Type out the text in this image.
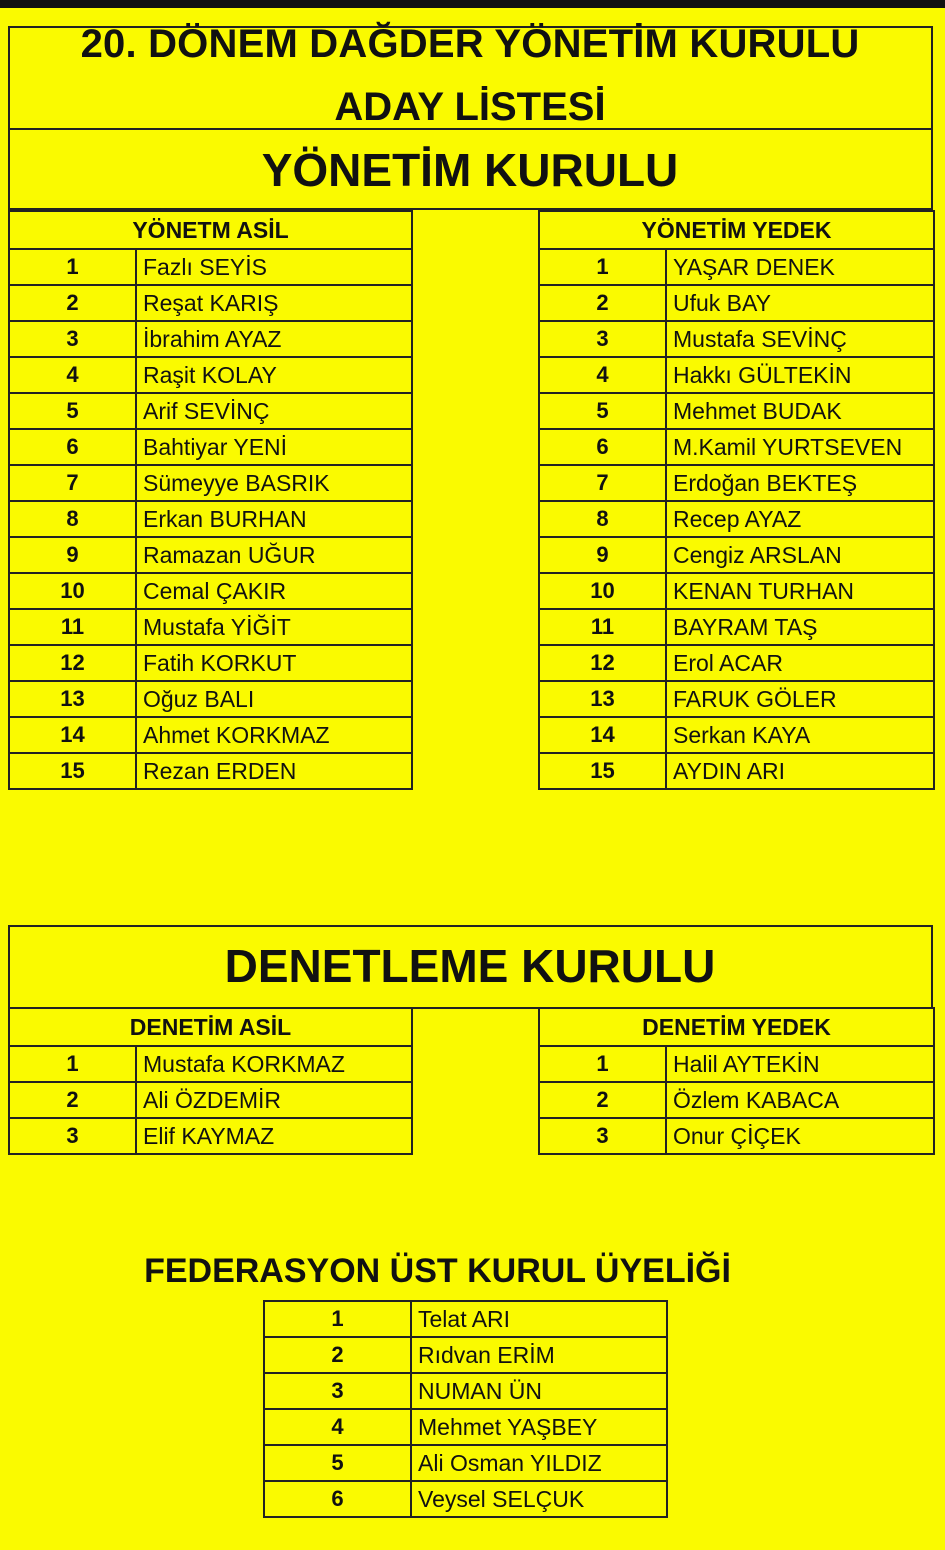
20. DÖNEM DAĞDER YÖNETİM KURULU
ADAY LİSTESİ
YÖNETİM KURULU
YÖNETM ASİL	
1	Fazlı SEYİS
2	Reşat KARIŞ
3	İbrahim AYAZ
4	Raşit KOLAY
5	Arif SEVİNÇ
6	Bahtiyar YENİ
7	Sümeyye BASRIK
8	Erkan BURHAN
9	Ramazan UĞUR
10	Cemal ÇAKIR
11	Mustafa YİĞİT
12	Fatih KORKUT
13	Oğuz BALI
14	Ahmet KORKMAZ
15	Rezan ERDEN
YÖNETİM YEDEK	
1	YAŞAR DENEK
2	Ufuk BAY
3	Mustafa SEVİNÇ
4	Hakkı GÜLTEKİN
5	Mehmet BUDAK
6	M.Kamil YURTSEVEN
7	Erdoğan BEKTEŞ
8	Recep AYAZ
9	Cengiz ARSLAN
10	KENAN TURHAN
11	BAYRAM TAŞ
12	Erol ACAR
13	FARUK GÖLER
14	Serkan KAYA
15	AYDIN ARI
DENETLEME KURULU
DENETİM ASİL	
1	Mustafa KORKMAZ
2	Ali ÖZDEMİR
3	Elif KAYMAZ
DENETİM YEDEK	
1	Halil AYTEKİN
2	Özlem KABACA
3	Onur ÇİÇEK
FEDERASYON ÜST KURUL ÜYELİĞİ
1	Telat ARI
2	Rıdvan ERİM
3	NUMAN ÜN
4	Mehmet YAŞBEY
5	Ali Osman YILDIZ
6	Veysel SELÇUK
